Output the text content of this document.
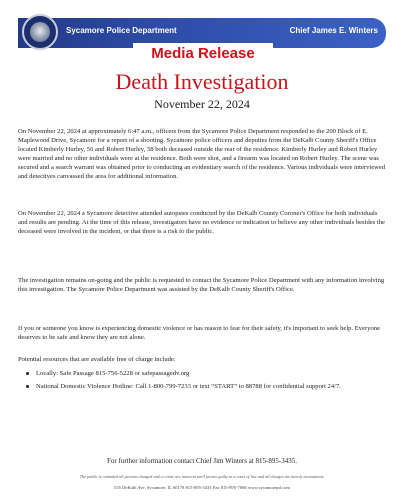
Sycamore Police Department	Chief James E. Winters
Media Release
Death Investigation
November 22, 2024

On November 22, 2024 at approximately 6:47 a.m., officers from the Sycamore Police Department responded to the 200 Block of E. Maplewood Drive, Sycamore for a report of a shooting. Sycamore police officers and deputies from the DeKalb County Sheriff's Office located Kimberly Hurley, 56 and Robert Hurley, 58 both deceased outside the rear of the residence. Kimberly Hurley and Robert Hurley were married and no other individuals were at the residence. Both were shot, and a firearm was located on Robert Hurley. The scene was secured and a search warrant was obtained prior to conducting an evidentiary search of the residence. Various individuals were interviewed and detectives canvassed the area for additional information.

On November 22, 2024 a Sycamore detective attended autopsies conducted by the DeKalb County Coroner's Office for both individuals and results are pending. At the time of this release, investigators have no evidence or indication to believe any other individuals besides the deceased were involved in the incident, or that there is a risk to the public.

The investigation remains on-going and the public is requested to contact the Sycamore Police Department with any information involving this investigation. The Sycamore Police Department was assisted by the DeKalb County Sheriff's Office.

If you or someone you know is experiencing domestic violence or has reason to fear for their safety, it's important to seek help. Everyone deserves to be safe and know they are not alone.

Potential resources that are available free of charge include:

Locally: Safe Passage 815-756-5228 or safepassagedv.org
National Domestic Violence Hotline: Call 1-800-799-7233 or text “START” to 88788 for confidential support 24/7.
For further information contact Chief Jim Winters at 815-895-3435.
The public is reminded all persons charged with a crime are innocent until proven guilty in a court of law and all charges are merely accusations.
535 DeKalb Ave. Sycamore, IL 60178 815-895-3435 Fax 815-895-7066 www.sycamorepd.com
